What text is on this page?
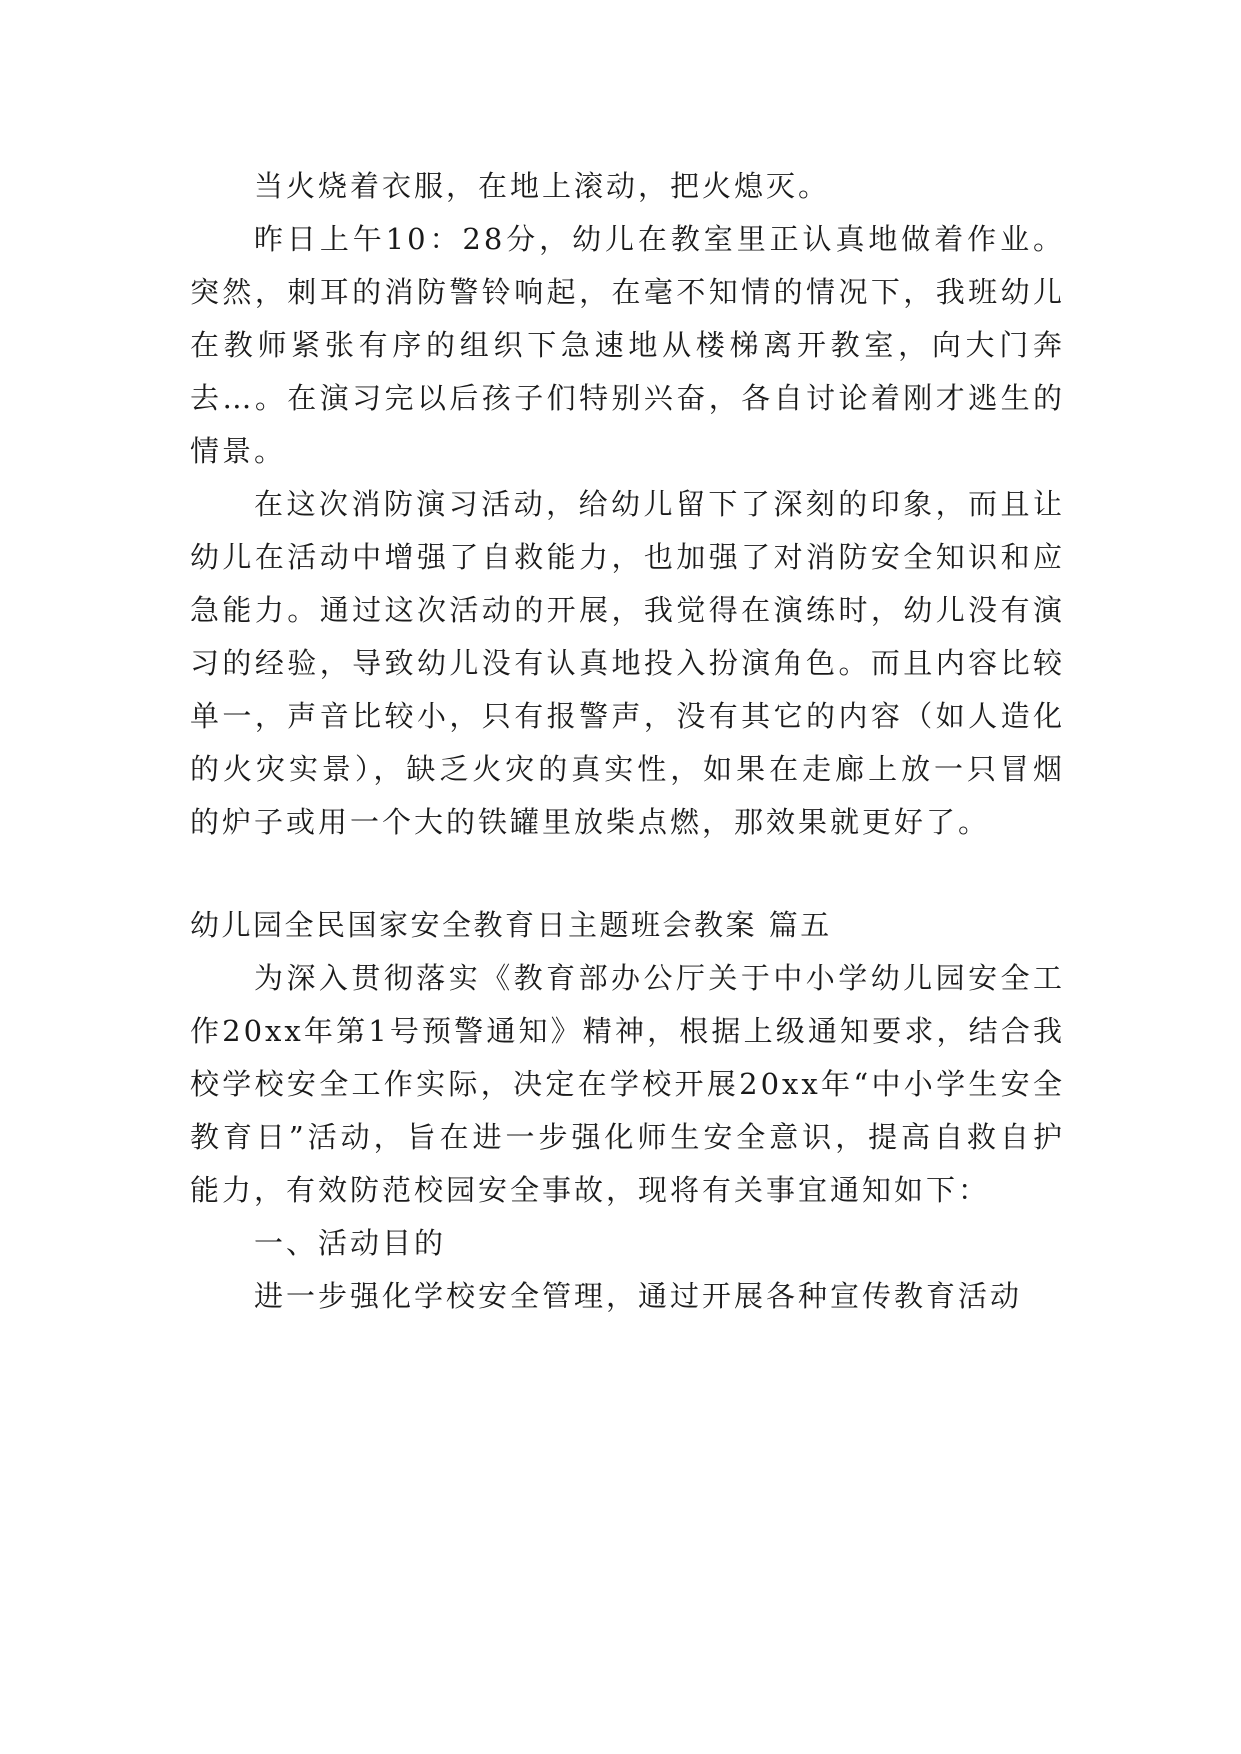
当火烧着衣服，在地上滚动，把火熄灭。

昨日上午10：28分，幼儿在教室里正认真地做着作业。突然，刺耳的消防警铃响起，在毫不知情的情况下，我班幼儿在教师紧张有序的组织下急速地从楼梯离开教室，向大门奔去…。在演习完以后孩子们特别兴奋，各自讨论着刚才逃生的情景。

在这次消防演习活动，给幼儿留下了深刻的印象，而且让幼儿在活动中增强了自救能力，也加强了对消防安全知识和应急能力。通过这次活动的开展，我觉得在演练时，幼儿没有演习的经验，导致幼儿没有认真地投入扮演角色。而且内容比较单一，声音比较小，只有报警声，没有其它的内容（如人造化的火灾实景），缺乏火灾的真实性，如果在走廊上放一只冒烟的炉子或用一个大的铁罐里放柴点燃，那效果就更好了。

幼儿园全民国家安全教育日主题班会教案 篇五

为深入贯彻落实《教育部办公厅关于中小学幼儿园安全工作20xx年第1号预警通知》精神，根据上级通知要求，结合我校学校安全工作实际，决定在学校开展20xx年“中小学生安全教育日”活动，旨在进一步强化师生安全意识，提高自救自护能力，有效防范校园安全事故，现将有关事宜通知如下：

一、活动目的

进一步强化学校安全管理，通过开展各种宣传教育活动
